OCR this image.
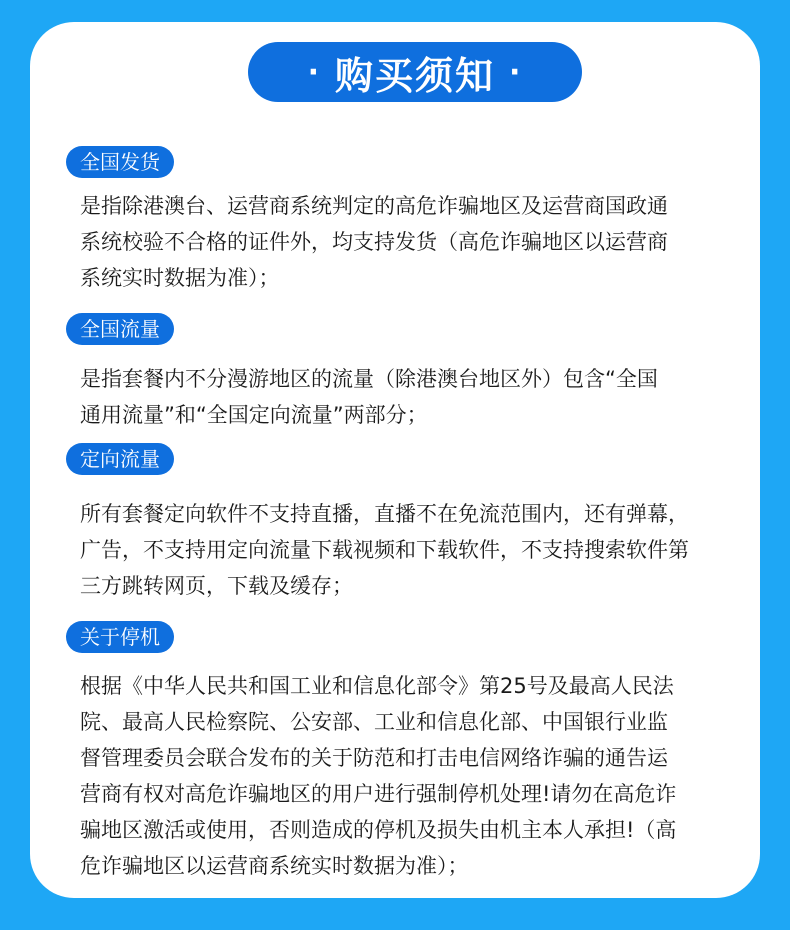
· 购买须知 ·
全国发货
是指除港澳台、运营商系统判定的高危诈骗地区及运营商国政通
系统校验不合格的证件外，均支持发货（高危诈骗地区以运营商
系统实时数据为准）；
全国流量
是指套餐内不分漫游地区的流量（除港澳台地区外）包含“全国
通用流量”和“全国定向流量”两部分；
定向流量
所有套餐定向软件不支持直播，直播不在免流范围内，还有弹幕，
广告，不支持用定向流量下载视频和下载软件，不支持搜索软件第
三方跳转网页，下载及缓存；
关于停机
根据《中华人民共和国工业和信息化部令》第25号及最高人民法
院、最高人民检察院、公安部、工业和信息化部、中国银行业监
督管理委员会联合发布的关于防范和打击电信网络诈骗的通告运
营商有权对高危诈骗地区的用户进行强制停机处理!请勿在高危诈
骗地区激活或使用，否则造成的停机及损失由机主本人承担!（高
危诈骗地区以运营商系统实时数据为准）；
